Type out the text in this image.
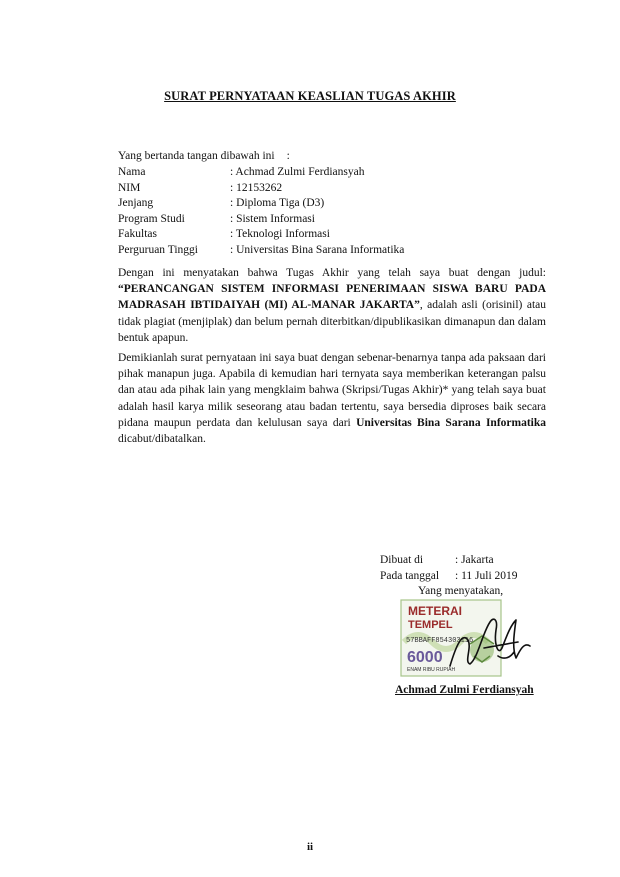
SURAT PERNYATAAN KEASLIAN TUGAS AKHIR
Yang bertanda tangan dibawah ini :
Nama	: Achmad Zulmi Ferdiansyah
NIM	: 12153262
Jenjang	: Diploma Tiga (D3)
Program Studi	: Sistem Informasi
Fakultas	: Teknologi Informasi
Perguruan Tinggi	: Universitas Bina Sarana Informatika

Dengan ini menyatakan bahwa Tugas Akhir yang telah saya buat dengan judul: “PERANCANGAN SISTEM INFORMASI PENERIMAAN SISWA BARU PADA MADRASAH IBTIDAIYAH (MI) AL-MANAR JAKARTA”, adalah asli (orisinil) atau tidak plagiat (menjiplak) dan belum pernah diterbitkan/dipublikasikan dimanapun dan dalam bentuk apapun.

Demikianlah surat pernyataan ini saya buat dengan sebenar-benarnya tanpa ada paksaan dari pihak manapun juga. Apabila di kemudian hari ternyata saya memberikan keterangan palsu dan atau ada pihak lain yang mengklaim bahwa (Skripsi/Tugas Akhir)* yang telah saya buat adalah hasil karya milik seseorang atau badan tertentu, saya bersedia diproses baik secara pidana maupun perdata dan kelulusan saya dari Universitas Bina Sarana Informatika dicabut/dibatalkan.

Dibuat di	: Jakarta
Pada tanggal	: 11 Juli 2019
Yang menyatakan,
METERAI
TEMPEL
57BBAFF854303116
6000
ENAM RIBU RUPIAH
Achmad Zulmi Ferdiansyah
ii
